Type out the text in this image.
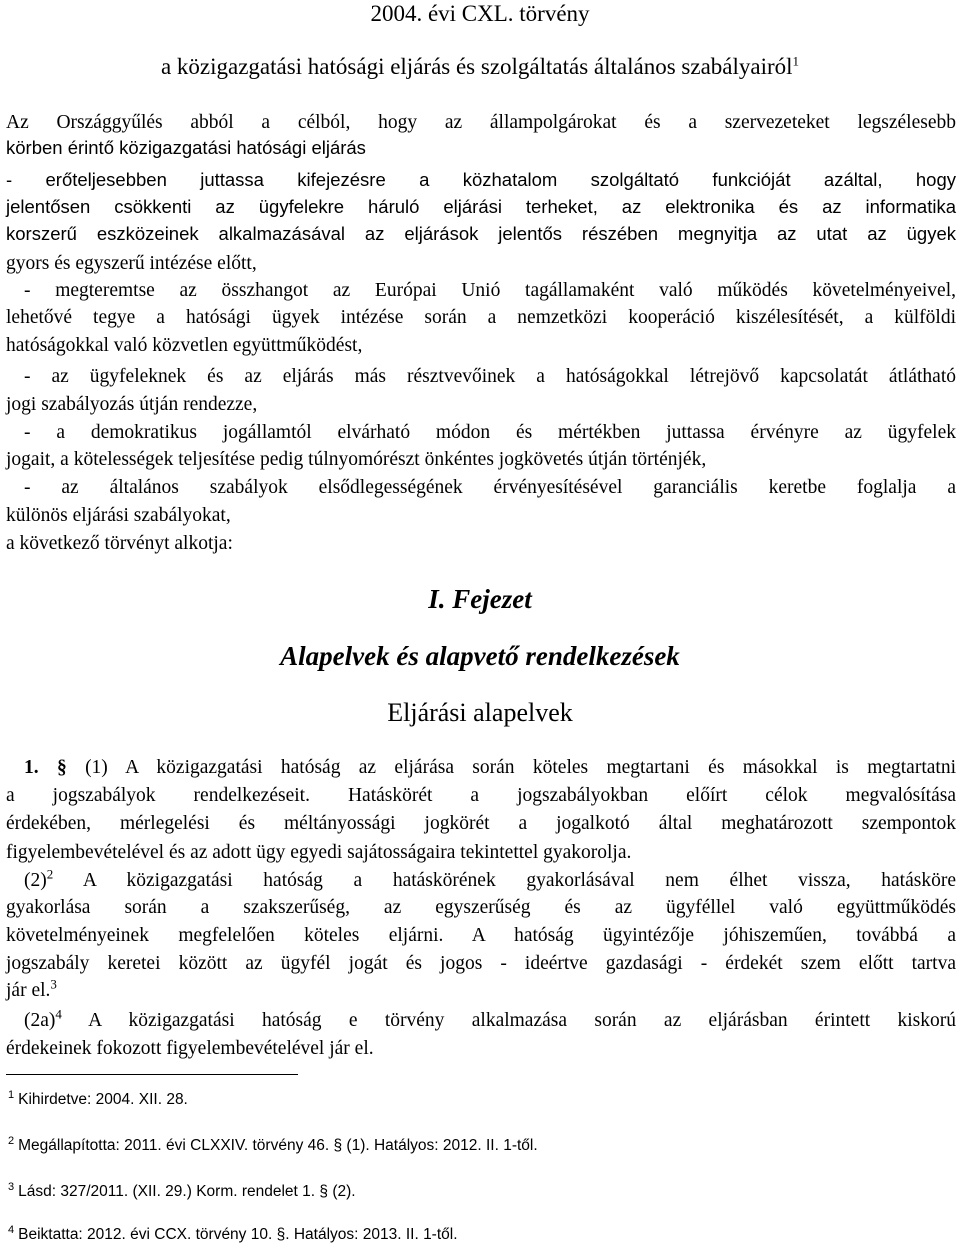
2004. évi CXL. törvény
a közigazgatási hatósági eljárás és szolgáltatás általános szabályairól$^1$
Az Országgyűlés abból a célból, hogy az állampolgárokat és a szervezeteket legszélesebb
körben érintő közigazgatási hatósági eljárás
- erőteljesebben juttassa kifejezésre a közhatalom szolgáltató funkcióját azáltal, hogy
jelentősen csökkenti az ügyfelekre háruló eljárási terheket, az elektronika és az informatika
korszerű eszközeinek alkalmazásával az eljárások jelentős részében megnyitja az utat az ügyek
gyors és egyszerű intézése előtt,
- megteremtse az összhangot az Európai Unió tagállamaként való működés követelményeivel,
lehetővé tegye a hatósági ügyek intézése során a nemzetközi kooperáció kiszélesítését, a külföldi
hatóságokkal való közvetlen együttműködést,
- az ügyfeleknek és az eljárás más résztvevőinek a hatóságokkal létrejövő kapcsolatát átlátható
jogi szabályozás útján rendezze,
- a demokratikus jogállamtól elvárható módon és mértékben juttassa érvényre az ügyfelek
jogait, a kötelességek teljesítése pedig túlnyomórészt önkéntes jogkövetés útján történjék,
- az általános szabályok elsődlegességének érvényesítésével garanciális keretbe foglalja a
különös eljárási szabályokat,
a következő törvényt alkotja:
I. Fejezet
Alapelvek és alapvető rendelkezések
Eljárási alapelvek
1. § (1) A közigazgatási hatóság az eljárása során köteles megtartani és másokkal is megtartatni
a jogszabályok rendelkezéseit. Hatáskörét a jogszabályokban előírt célok megvalósítása
érdekében, mérlegelési és méltányossági jogkörét a jogalkotó által meghatározott szempontok
figyelembevételével és az adott ügy egyedi sajátosságaira tekintettel gyakorolja.
$(2)^2$ A közigazgatási hatóság a hatáskörének gyakorlásával nem élhet vissza, hatásköre
gyakorlása során a szakszerűség, az egyszerűség és az ügyféllel való együttműködés
követelményeinek megfelelően köteles eljárni. A hatóság ügyintézője jóhiszeműen, továbbá a
jogszabály keretei között az ügyfél jogát és jogos - ideértve gazdasági - érdekét szem előtt tartva
jár el.$^3$
$(2a)^4$ A közigazgatási hatóság e törvény alkalmazása során az eljárásban érintett kiskorú
érdekeinek fokozott figyelembevételével jár el.
$^1$ Kihirdetve: 2004. XII. 28.
$^2$ Megállapította: 2011. évi CLXXIV. törvény 46. § (1). Hatályos: 2012. II. 1-től.
$^3$ Lásd: 327/2011. (XII. 29.) Korm. rendelet 1. § (2).
$^4$ Beiktatta: 2012. évi CCX. törvény 10. §. Hatályos: 2013. II. 1-től.
